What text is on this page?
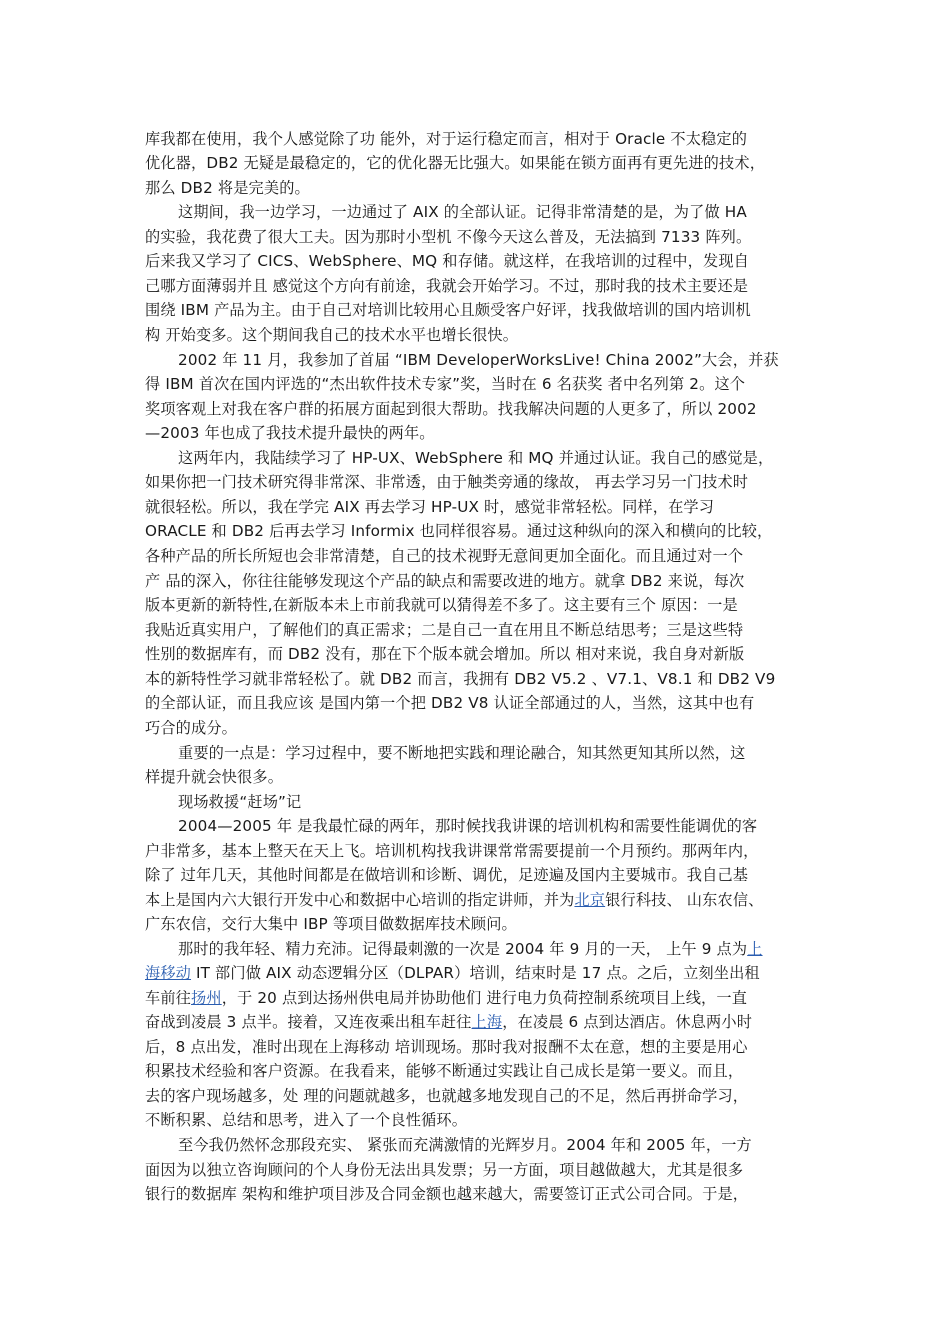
库我都在使用，我个人感觉除了功 能外，对于运行稳定而言，相对于 Oracle 不太稳定的
优化器，DB2 无疑是最稳定的，它的优化器无比强大。如果能在锁方面再有更先进的技术，
那么 DB2 将是完美的。
这期间，我一边学习，一边通过了 AIX 的全部认证。记得非常清楚的是，为了做 HA
的实验，我花费了很大工夫。因为那时小型机 不像今天这么普及，无法搞到 7133 阵列。
后来我又学习了 CICS、WebSphere、MQ 和存储。就这样，在我培训的过程中，发现自
己哪方面薄弱并且 感觉这个方向有前途，我就会开始学习。不过，那时我的技术主要还是
围绕 IBM 产品为主。由于自己对培训比较用心且颇受客户好评，找我做培训的国内培训机
构 开始变多。这个期间我自己的技术水平也增长很快。
2002 年 11 月，我参加了首届 “IBM DeveloperWorksLive! China 2002”大会，并获
得 IBM 首次在国内评选的“杰出软件技术专家”奖，当时在 6 名获奖 者中名列第 2。这个
奖项客观上对我在客户群的拓展方面起到很大帮助。找我解决问题的人更多了，所以 2002
—2003 年也成了我技术提升最快的两年。
这两年内，我陆续学习了 HP-UX、WebSphere 和 MQ 并通过认证。我自己的感觉是，
如果你把一门技术研究得非常深、非常透，由于触类旁通的缘故， 再去学习另一门技术时
就很轻松。所以，我在学完 AIX 再去学习 HP-UX 时，感觉非常轻松。同样，在学习
ORACLE 和 DB2 后再去学习 Informix 也同样很容易。通过这种纵向的深入和横向的比较，
各种产品的所长所短也会非常清楚，自己的技术视野无意间更加全面化。而且通过对一个
产 品的深入，你往往能够发现这个产品的缺点和需要改进的地方。就拿 DB2 来说，每次
版本更新的新特性,在新版本未上市前我就可以猜得差不多了。这主要有三个 原因：一是
我贴近真实用户，了解他们的真正需求；二是自己一直在用且不断总结思考；三是这些特
性别的数据库有，而 DB2 没有，那在下个版本就会增加。所以 相对来说，我自身对新版
本的新特性学习就非常轻松了。就 DB2 而言，我拥有 DB2 V5.2 、V7.1、V8.1 和 DB2 V9
的全部认证，而且我应该 是国内第一个把 DB2 V8 认证全部通过的人，当然，这其中也有
巧合的成分。
重要的一点是：学习过程中，要不断地把实践和理论融合，知其然更知其所以然，这
样提升就会快很多。
现场救援“赶场”记
2004—2005 年 是我最忙碌的两年，那时候找我讲课的培训机构和需要性能调优的客
户非常多，基本上整天在天上飞。培训机构找我讲课常常需要提前一个月预约。那两年内，
除了 过年几天，其他时间都是在做培训和诊断、调优，足迹遍及国内主要城市。我自己基
本上是国内六大银行开发中心和数据中心培训的指定讲师，并为北京银行科技、 山东农信、
广东农信，交行大集中 IBP 等项目做数据库技术顾问。
那时的我年轻、精力充沛。记得最刺激的一次是 2004 年 9 月的一天， 上午 9 点为上
海移动 IT 部门做 AIX 动态逻辑分区（DLPAR）培训，结束时是 17 点。之后，立刻坐出租
车前往扬州，于 20 点到达扬州供电局并协助他们 进行电力负荷控制系统项目上线，一直
奋战到凌晨 3 点半。接着，又连夜乘出租车赶往上海，在凌晨 6 点到达酒店。休息两小时
后，8 点出发，准时出现在上海移动 培训现场。那时我对报酬不太在意，想的主要是用心
积累技术经验和客户资源。在我看来，能够不断通过实践让自己成长是第一要义。而且，
去的客户现场越多，处 理的问题就越多，也就越多地发现自己的不足，然后再拼命学习，
不断积累、总结和思考，进入了一个良性循环。
至今我仍然怀念那段充实、 紧张而充满激情的光辉岁月。2004 年和 2005 年，一方
面因为以独立咨询顾问的个人身份无法出具发票；另一方面，项目越做越大，尤其是很多
银行的数据库 架构和维护项目涉及合同金额也越来越大，需要签订正式公司合同。于是，
